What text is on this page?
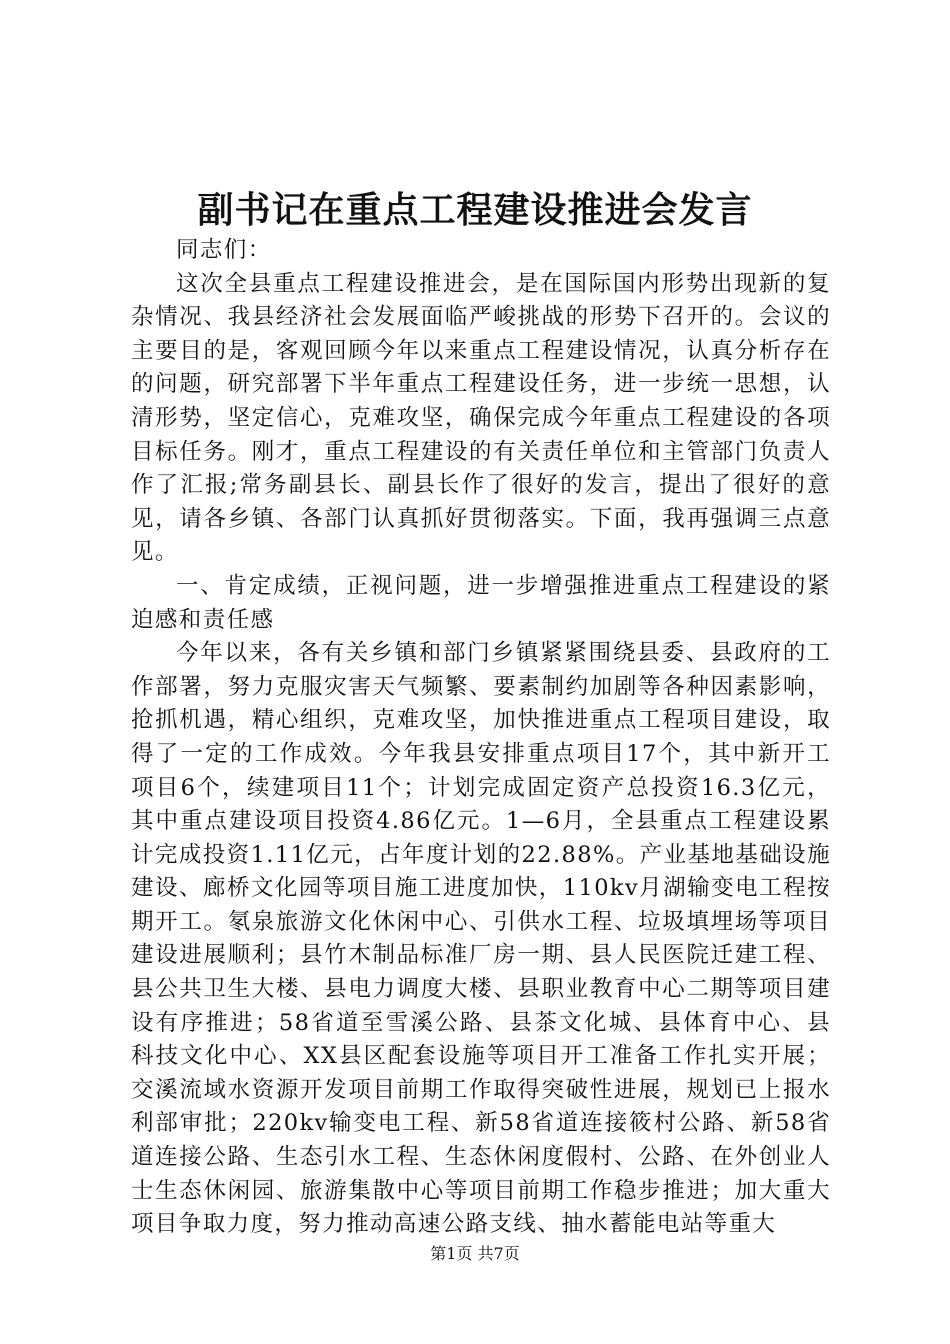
副书记在重点工程建设推进会发言

同志们：

这次全县重点工程建设推进会，是在国际国内形势出现新的复杂情况、我县经济社会发展面临严峻挑战的形势下召开的。会议的主要目的是，客观回顾今年以来重点工程建设情况，认真分析存在的问题，研究部署下半年重点工程建设任务，进一步统一思想，认清形势，坚定信心，克难攻坚，确保完成今年重点工程建设的各项目标任务。刚才，重点工程建设的有关责任单位和主管部门负责人作了汇报;常务副县长、副县长作了很好的发言，提出了很好的意见，请各乡镇、各部门认真抓好贯彻落实。下面，我再强调三点意见。

一、肯定成绩，正视问题，进一步增强推进重点工程建设的紧迫感和责任感

今年以来，各有关乡镇和部门乡镇紧紧围绕县委、县政府的工作部署，努力克服灾害天气频繁、要素制约加剧等各种因素影响，抢抓机遇，精心组织，克难攻坚，加快推进重点工程项目建设，取得了一定的工作成效。今年我县安排重点项目17个，其中新开工项目6个，续建项目11个；计划完成固定资产总投资16.3亿元，其中重点建设项目投资4.86亿元。1—6月，全县重点工程建设累计完成投资1.11亿元，占年度计划的22.88%。产业基地基础设施建设、廊桥文化园等项目施工进度加快，110kv月湖输变电工程按期开工。氡泉旅游文化休闲中心、引供水工程、垃圾填埋场等项目建设进展顺利；县竹木制品标准厂房一期、县人民医院迁建工程、县公共卫生大楼、县电力调度大楼、县职业教育中心二期等项目建设有序推进；58省道至雪溪公路、县茶文化城、县体育中心、县科技文化中心、XX县区配套设施等项目开工准备工作扎实开展；交溪流域水资源开发项目前期工作取得突破性进展，规划已上报水利部审批；220kv输变电工程、新58省道连接筱村公路、新58省道连接公路、生态引水工程、生态休闲度假村、公路、在外创业人士生态休闲园、旅游集散中心等项目前期工作稳步推进；加大重大项目争取力度，努力推动高速公路支线、抽水蓄能电站等重大

第1页 共7页
